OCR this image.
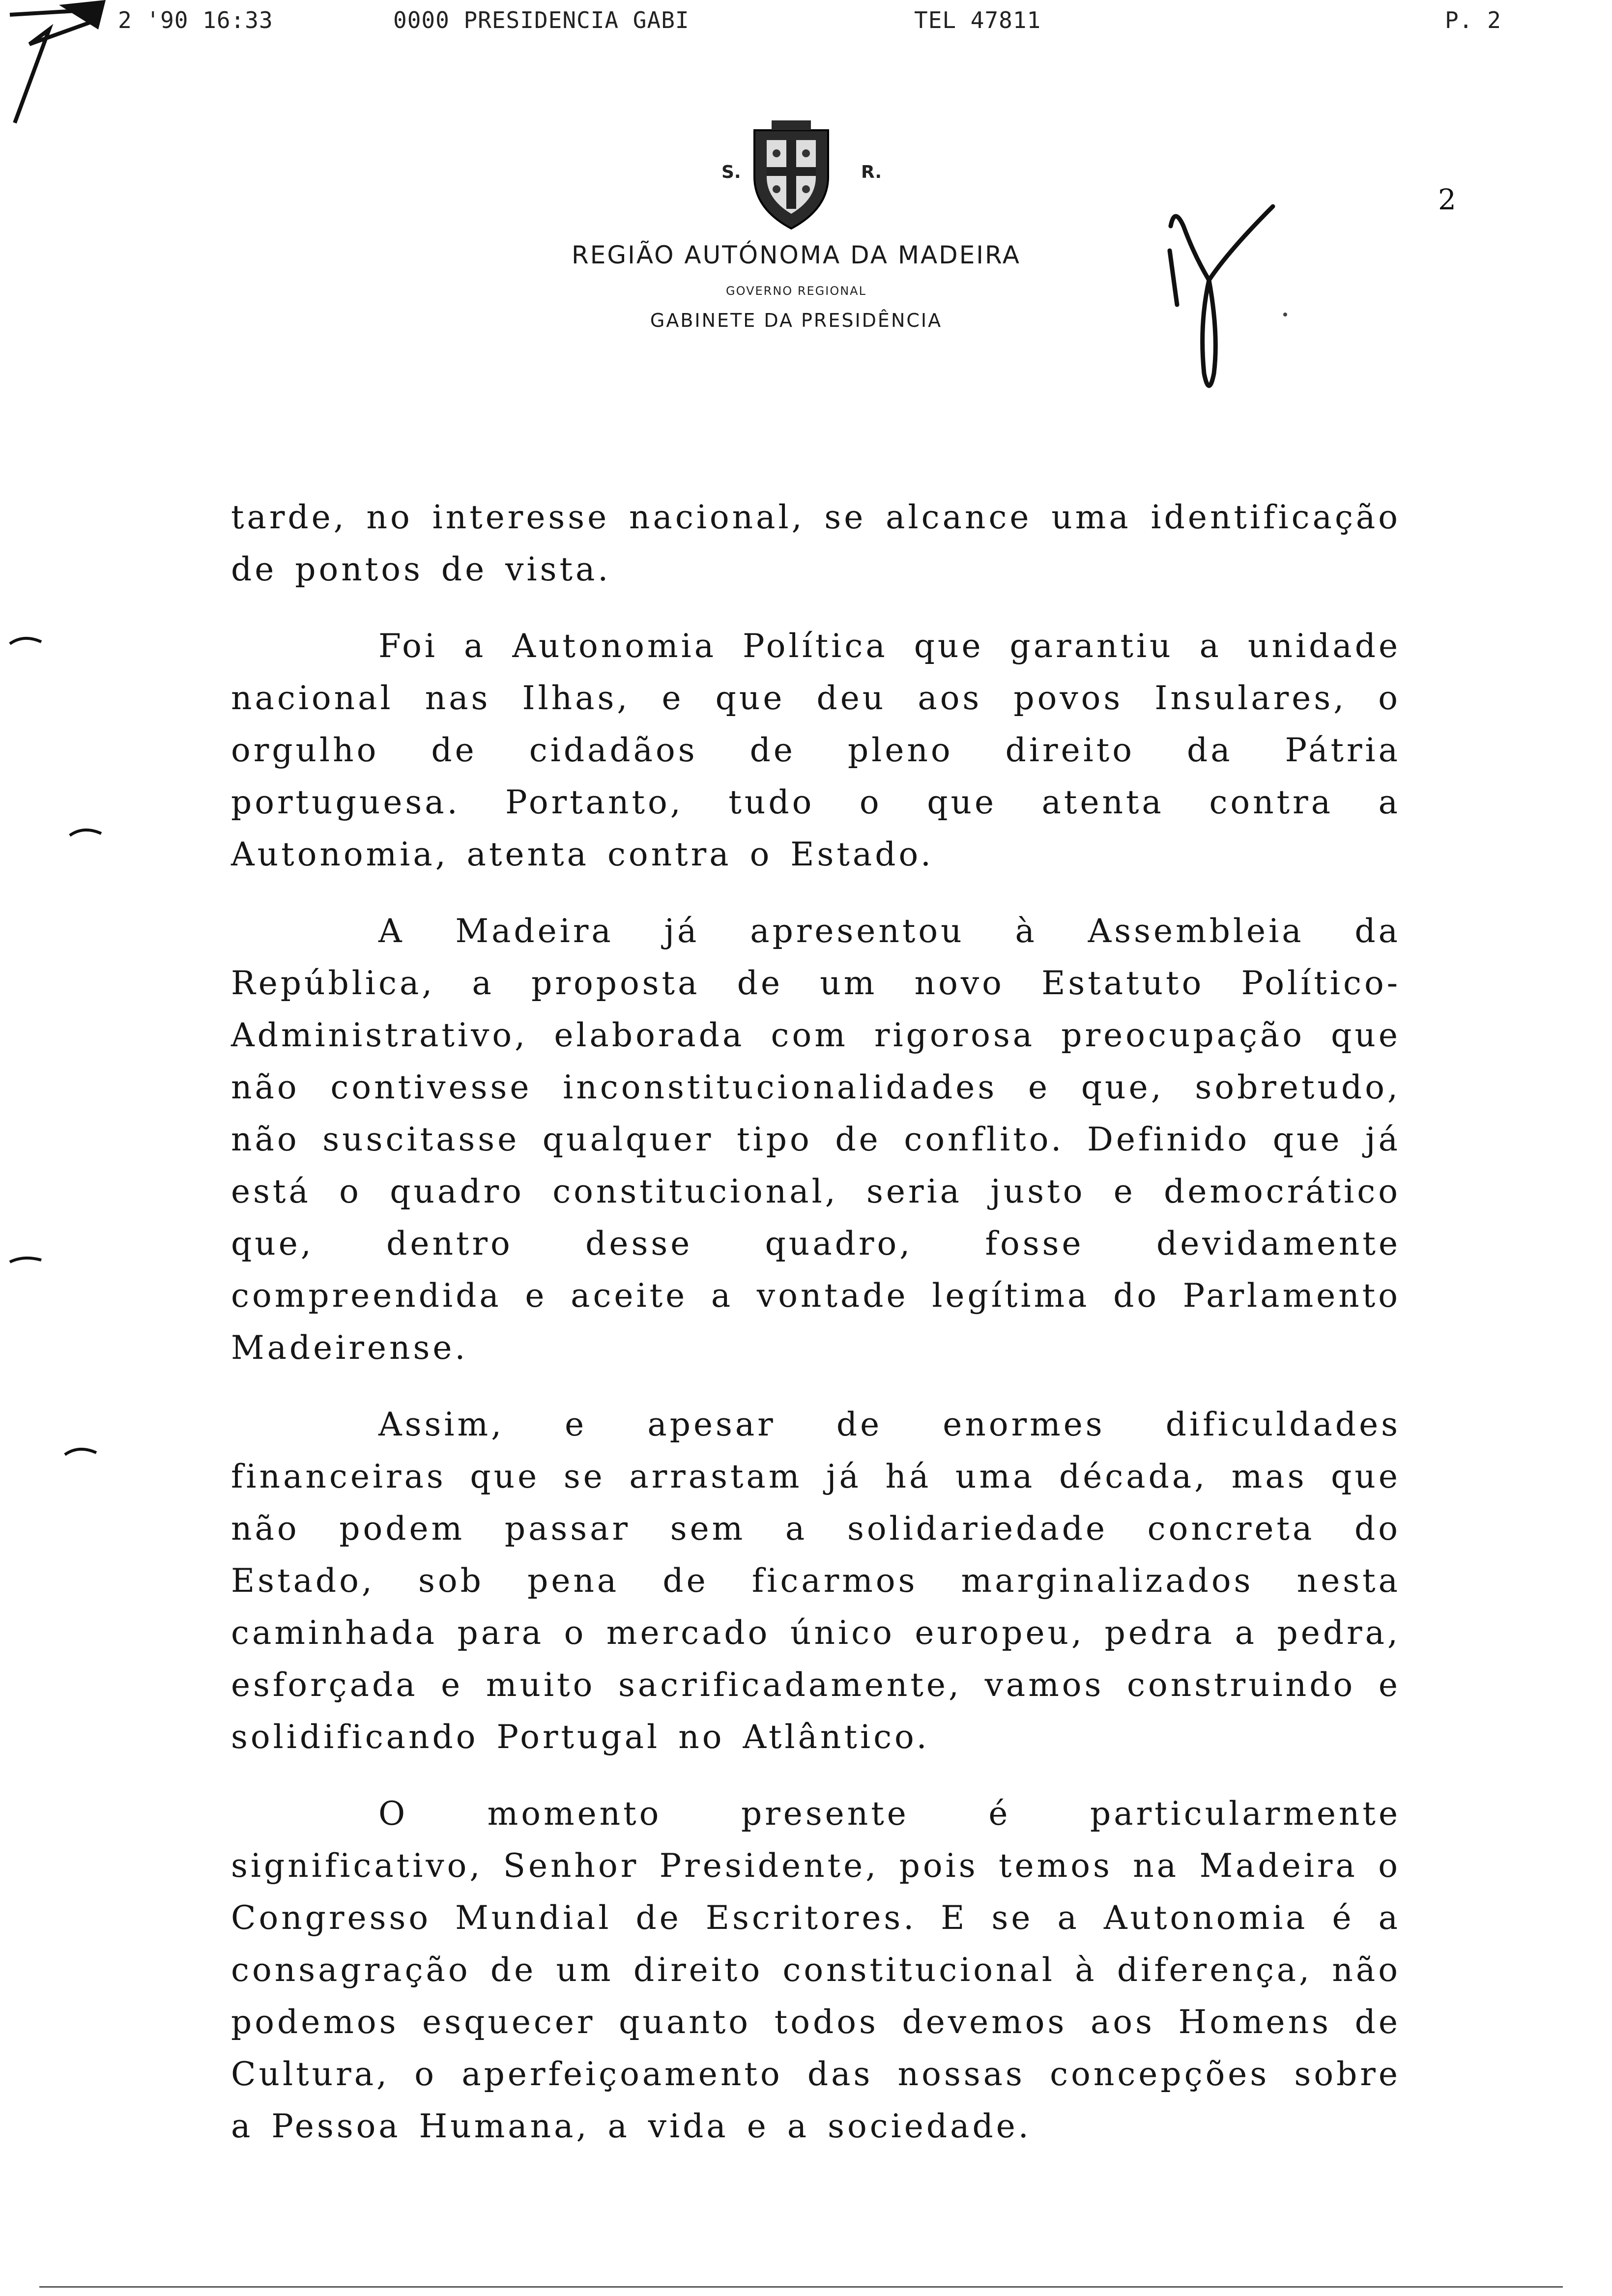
2 '90 16:33	0000 PRESIDENCIA GABI	TEL 47811	P. 2
S.	R.
REGIÃO AUTÓNOMA DA MADEIRA
GOVERNO REGIONAL
GABINETE DA PRESIDÊNCIA
2

tarde, no interesse nacional, se alcance uma identificação de pontos de vista.

Foi a Autonomia Política que garantiu a unidade nacional nas Ilhas, e que deu aos povos Insulares, o orgulho de cidadãos de pleno direito da Pátria portuguesa. Portanto, tudo o que atenta contra a Autonomia, atenta contra o Estado.

A Madeira já apresentou à Assembleia da República, a proposta de um novo Estatuto Político-Administrativo, elaborada com rigorosa preocupação que não contivesse inconstitucionalidades e que, sobretudo, não suscitasse qualquer tipo de conflito. Definido que já está o quadro constitucional, seria justo e democrático que, dentro desse quadro, fosse devidamente compreendida e aceite a vontade legítima do Parlamento Madeirense.

Assim, e apesar de enormes dificuldades financeiras que se arrastam já há uma década, mas que não podem passar sem a solidariedade concreta do Estado, sob pena de ficarmos marginalizados nesta caminhada para o mercado único europeu, pedra a pedra, esforçada e muito sacrificadamente, vamos construindo e solidificando Portugal no Atlântico.

O momento presente é particularmente significativo, Senhor Presidente, pois temos na Madeira o Congresso Mundial de Escritores. E se a Autonomia é a consagração de um direito constitucional à diferença, não podemos esquecer quanto todos devemos aos Homens de Cultura, o aperfeiçoamento das nossas concepções sobre a Pessoa Humana, a vida e a sociedade.
